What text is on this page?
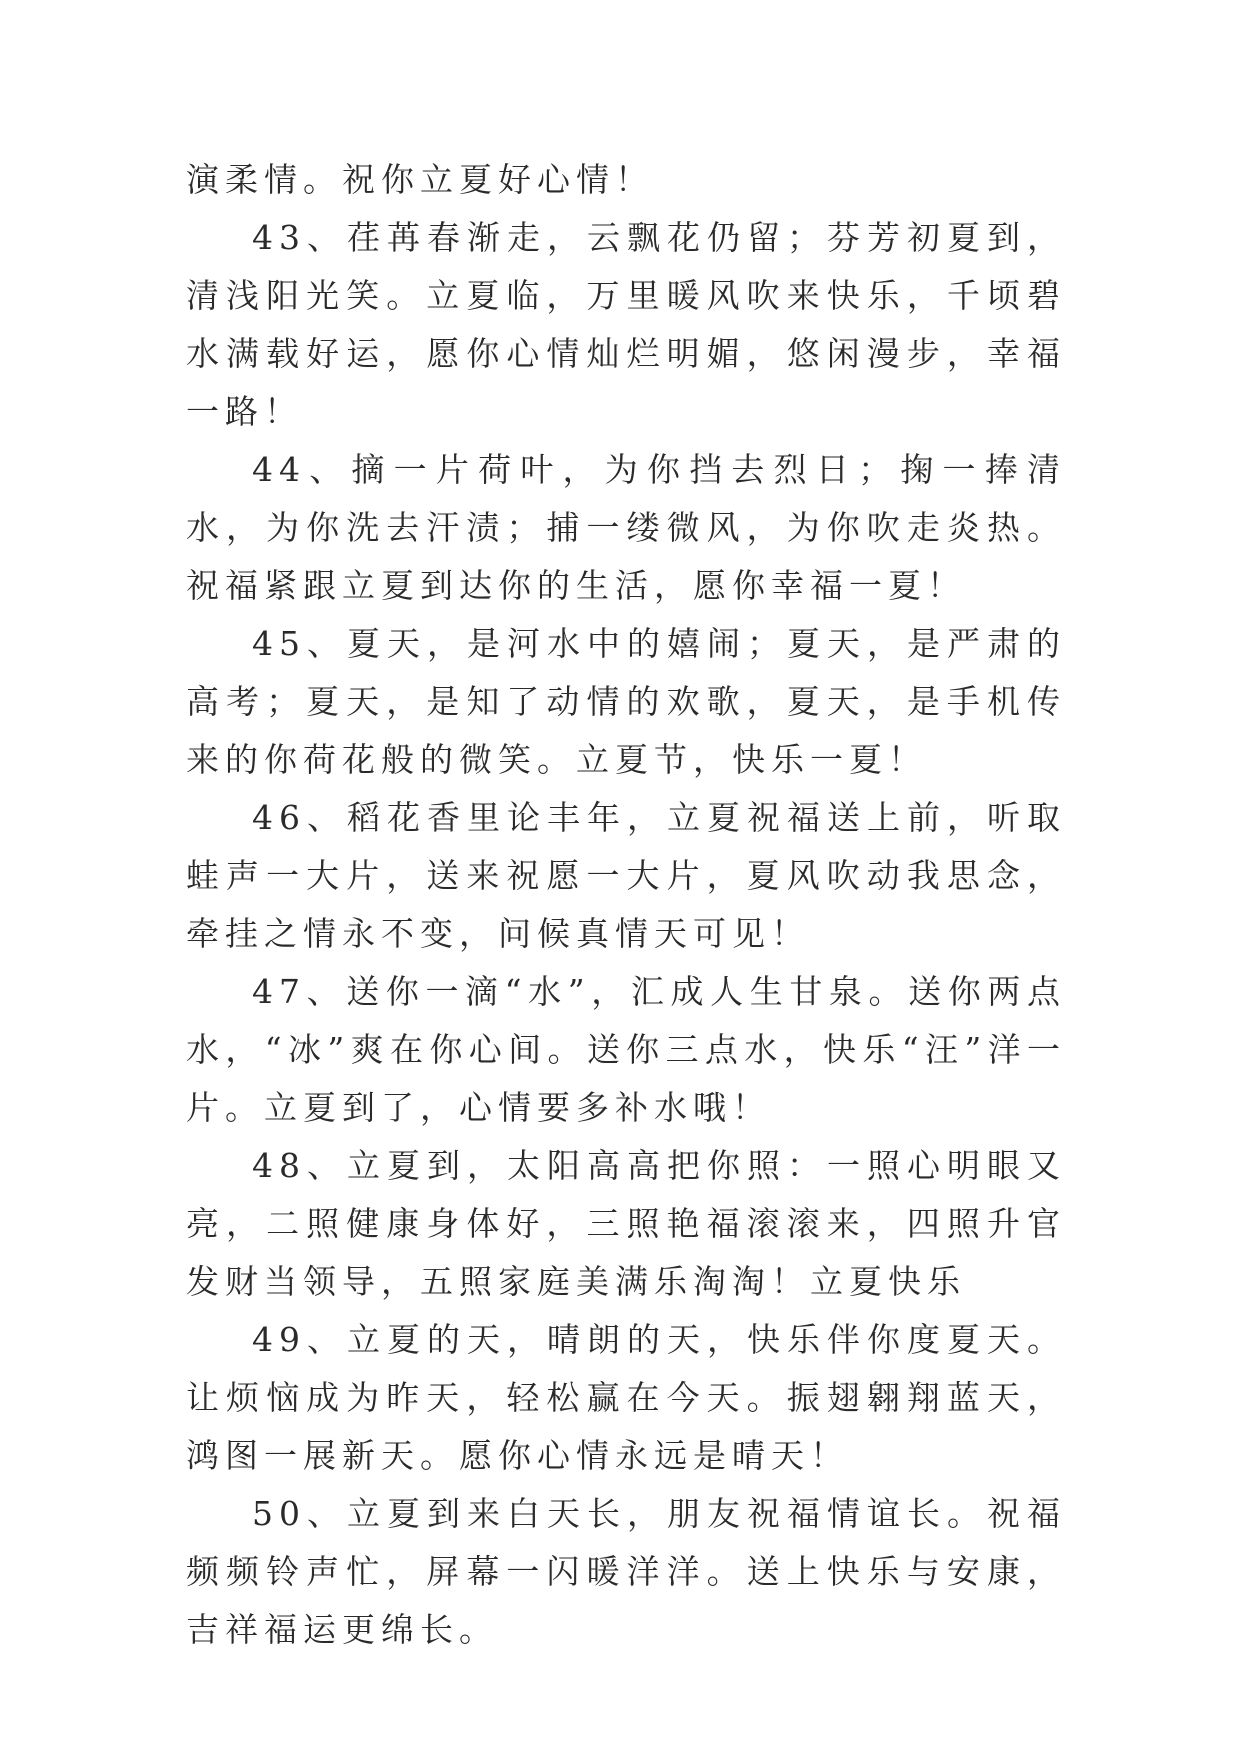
演柔情。祝你立夏好心情！

43、荏苒春渐走，云飘花仍留；芬芳初夏到，清浅阳光笑。立夏临，万里暖风吹来快乐，千顷碧水满载好运，愿你心情灿烂明媚，悠闲漫步，幸福一路！

44、摘一片荷叶，为你挡去烈日；掬一捧清水，为你洗去汗渍；捕一缕微风，为你吹走炎热。祝福紧跟立夏到达你的生活，愿你幸福一夏！

45、夏天，是河水中的嬉闹；夏天，是严肃的高考；夏天，是知了动情的欢歌，夏天，是手机传来的你荷花般的微笑。立夏节，快乐一夏！

46、稻花香里论丰年，立夏祝福送上前，听取蛙声一大片，送来祝愿一大片，夏风吹动我思念，牵挂之情永不变，问候真情天可见！

47、送你一滴“水”，汇成人生甘泉。送你两点水，“冰”爽在你心间。送你三点水，快乐“汪”洋一片。立夏到了，心情要多补水哦！

48、立夏到，太阳高高把你照：一照心明眼又亮，二照健康身体好，三照艳福滚滚来，四照升官发财当领导，五照家庭美满乐淘淘！立夏快乐

49、立夏的天，晴朗的天，快乐伴你度夏天。让烦恼成为昨天，轻松赢在今天。振翅翱翔蓝天，鸿图一展新天。愿你心情永远是晴天！

50、立夏到来白天长，朋友祝福情谊长。祝福频频铃声忙，屏幕一闪暖洋洋。送上快乐与安康，吉祥福运更绵长。
